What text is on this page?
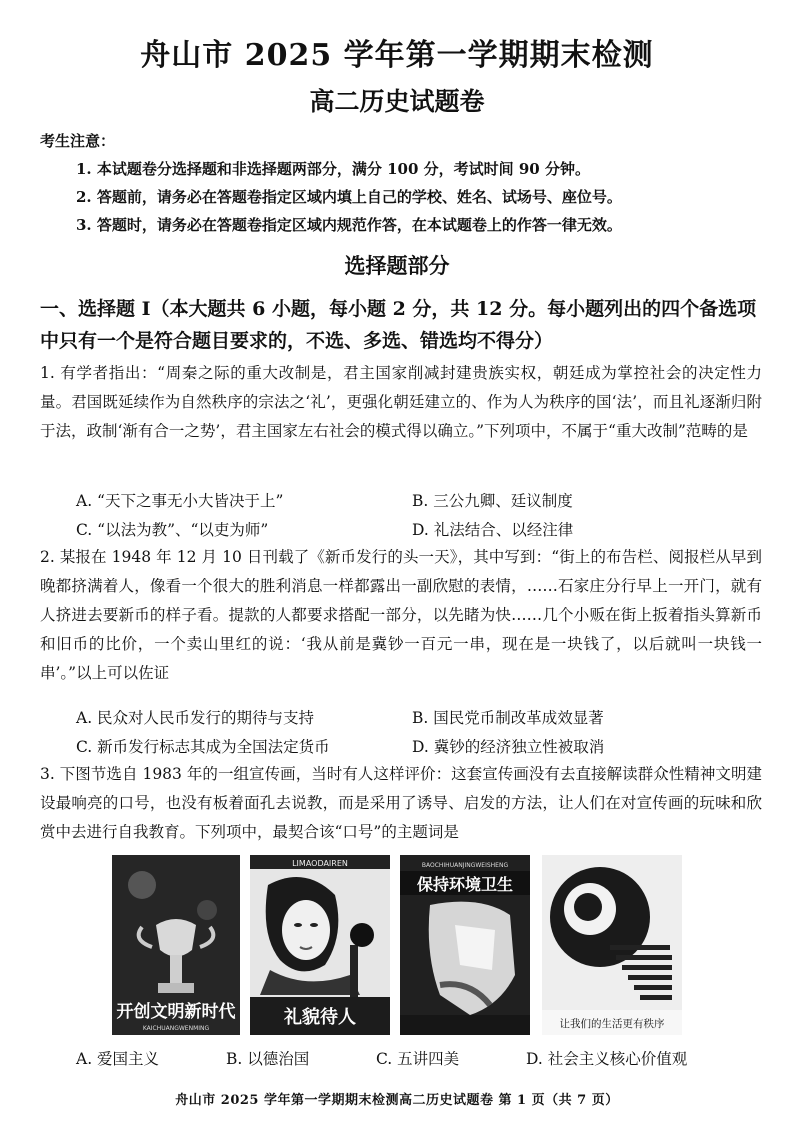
舟山市 2025 学年第一学期期末检测
高二历史试题卷
考生注意：
1. 本试题卷分选择题和非选择题两部分，满分 100 分，考试时间 90 分钟。
2. 答题前，请务必在答题卷指定区域内填上自己的学校、姓名、试场号、座位号。
3. 答题时，请务必在答题卷指定区域内规范作答，在本试题卷上的作答一律无效。
选择题部分
一、选择题 I（本大题共 6 小题，每小题 2 分，共 12 分。每小题列出的四个备选项中只有一个是符合题目要求的，不选、多选、错选均不得分）
1. 有学者指出：“周秦之际的重大改制是，君主国家削减封建贵族实权，朝廷成为掌控社会的决定性力量。君国既延续作为自然秩序的宗法之‘礼’，更强化朝廷建立的、作为人为秩序的国‘法’，而且礼逐渐归附于法，政制‘渐有合一之势’，君主国家左右社会的模式得以确立。”下列项中，不属于“重大改制”范畴的是
A. “天下之事无小大皆决于上”	B. 三公九卿、廷议制度
C. “以法为教”、“以吏为师”	D. 礼法结合、以经注律
2. 某报在 1948 年 12 月 10 日刊载了《新币发行的头一天》，其中写到：“街上的布告栏、阅报栏从早到晚都挤满着人，像看一个很大的胜利消息一样都露出一副欣慰的表情，……石家庄分行早上一开门，就有人挤进去要新币的样子看。提款的人都要求搭配一部分，以先睹为快……几个小贩在街上扳着指头算新币和旧币的比价，一个卖山里红的说：‘我从前是冀钞一百元一串，现在是一块钱了，以后就叫一块钱一串’。”以上可以佐证
A. 民众对人民币发行的期待与支持	B. 国民党币制改革成效显著
C. 新币发行标志其成为全国法定货币	D. 冀钞的经济独立性被取消
3. 下图节选自 1983 年的一组宣传画，当时有人这样评价：这套宣传画没有去直接解读群众性精神文明建设最响亮的口号，也没有板着面孔去说教，而是采用了诱导、启发的方法，让人们在对宣传画的玩味和欣赏中去进行自我教育。下列项中，最契合该“口号”的主题词是
开创文明新时代
KAICHUANGWENMING
LIMAODAIREN
礼貌待人
BAOCHIHUANJINGWEISHENG
保持环境卫生
让我们的生活更有秩序
A. 爱国主义	B. 以德治国	C. 五讲四美	D. 社会主义核心价值观
舟山市 2025 学年第一学期期末检测高二历史试题卷 第 1 页（共 7 页）
